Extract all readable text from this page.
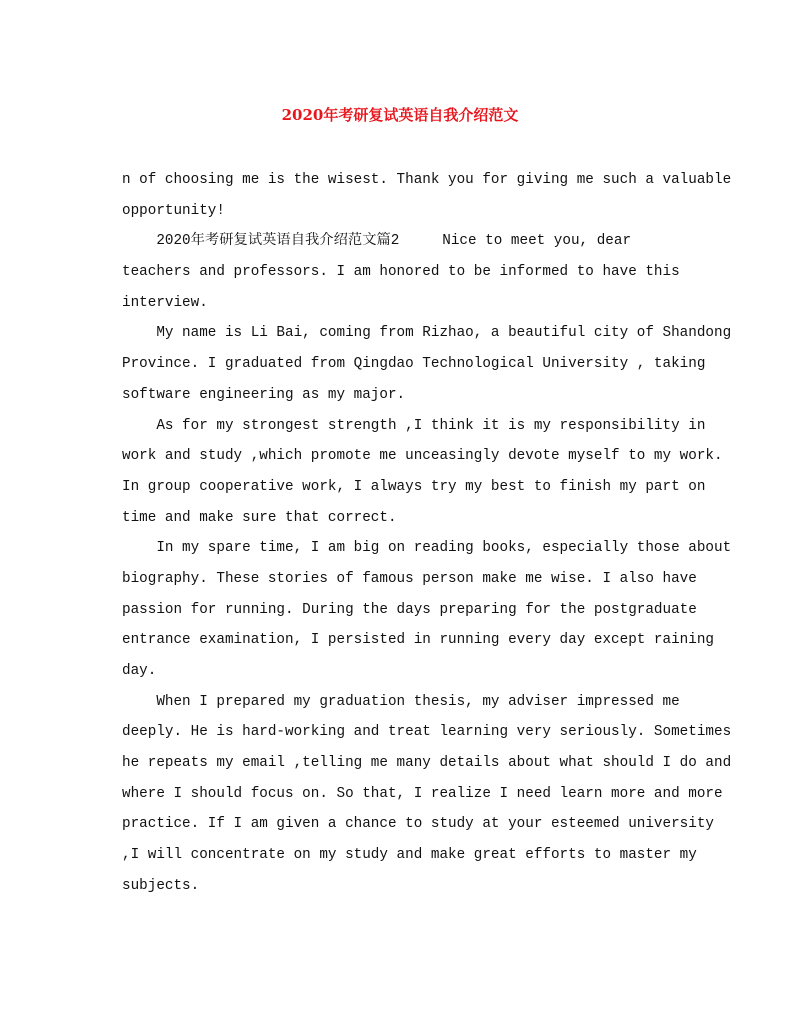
2020年考研复试英语自我介绍范文
n of choosing me is the wisest. Thank you for giving me such a valuable
opportunity!
2020年考研复试英语自我介绍范文篇2     Nice to meet you, dear
teachers and professors. I am honored to be informed to have this
interview.
My name is Li Bai, coming from Rizhao, a beautiful city of Shandong
Province. I graduated from Qingdao Technological University , taking
software engineering as my major.
As for my strongest strength ,I think it is my responsibility in
work and study ,which promote me unceasingly devote myself to my work.
In group cooperative work, I always try my best to finish my part on
time and make sure that correct.
In my spare time, I am big on reading books, especially those about
biography. These stories of famous person make me wise. I also have
passion for running. During the days preparing for the postgraduate
entrance examination, I persisted in running every day except raining
day.
When I prepared my graduation thesis, my adviser impressed me
deeply. He is hard-working and treat learning very seriously. Sometimes
he repeats my email ,telling me many details about what should I do and
where I should focus on. So that, I realize I need learn more and more
practice. If I am given a chance to study at your esteemed university
,I will concentrate on my study and make great efforts to master my
subjects.
